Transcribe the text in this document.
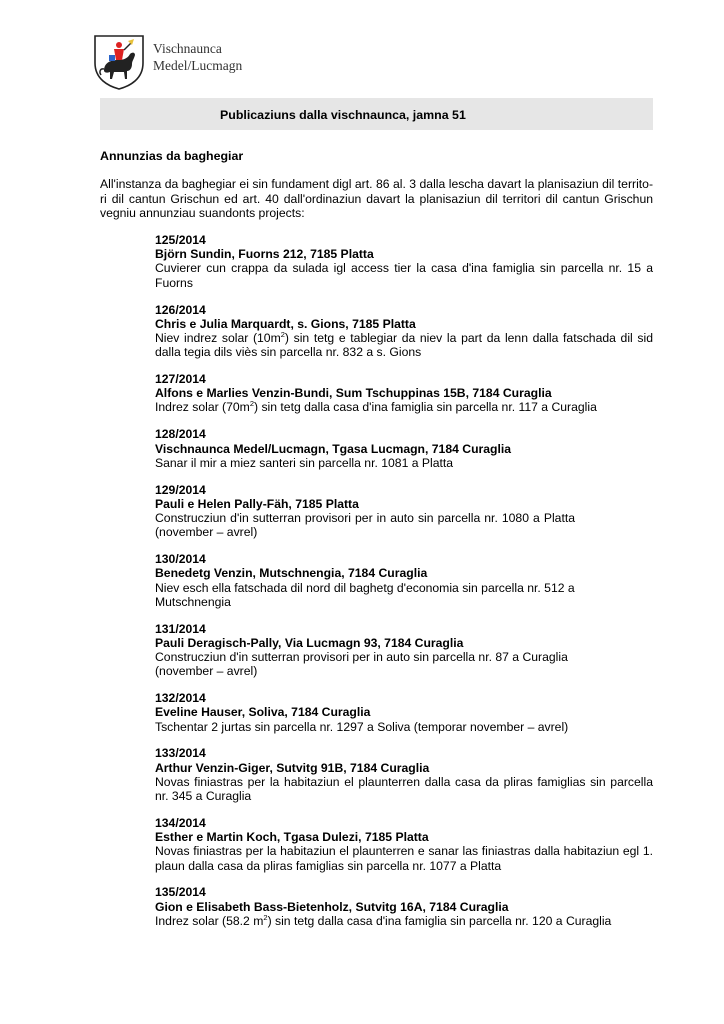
Vischnaunca
Medel/Lucmagn
Publicaziuns dalla vischnaunca, jamna 51
Annunzias da baghegiar
All'instanza da baghegiar ei sin fundament digl art. 86 al. 3 dalla lescha davart la planisaziun dil territo-ri dil cantun Grischun ed art. 40 dall'ordinaziun davart la planisaziun dil territori dil cantun Grischun vegniu annunziau suandonts projects:
125/2014
Björn Sundin, Fuorns 212, 7185 Platta
Cuvierer cun crappa da sulada igl access tier la casa d'ina famiglia sin parcella nr. 15 a Fuorns
126/2014
Chris e Julia Marquardt, s. Gions, 7185 Platta
Niev indrez solar $(10m^2)$ sin tetg e tablegiar da niev la part da lenn dalla fatschada dil sid dalla tegia dils viès sin parcella nr. 832 a s. Gions
127/2014
Alfons e Marlies Venzin-Bundi, Sum Tschuppinas 15B, 7184 Curaglia
Indrez solar $(70m^2)$ sin tetg dalla casa d'ina famiglia sin parcella nr. 117 a Curaglia
128/2014
Vischnaunca Medel/Lucmagn, Tgasa Lucmagn, 7184 Curaglia
Sanar il mir a miez santeri sin parcella nr. 1081 a Platta
129/2014
Pauli e Helen Pally-Fäh, 7185 Platta
Construcziun d'in sutterran provisori per in auto sin parcella nr. 1080 a Platta (november – avrel)
130/2014
Benedetg Venzin, Mutschnengia, 7184 Curaglia
Niev esch ella fatschada dil nord dil baghetg d'economia sin parcella nr. 512 a Mutschnengia
131/2014
Pauli Deragisch-Pally, Via Lucmagn 93, 7184 Curaglia
Construcziun d'in sutterran provisori per in auto sin parcella nr. 87 a Curaglia (november – avrel)
132/2014
Eveline Hauser, Soliva, 7184 Curaglia
Tschentar 2 jurtas sin parcella nr. 1297 a Soliva (temporar november – avrel)
133/2014
Arthur Venzin-Giger, Sutvitg 91B, 7184 Curaglia
Novas finiastras per la habitaziun el plaunterren dalla casa da pliras famiglias sin parcella nr. 345 a Curaglia
134/2014
Esther e Martin Koch, Tgasa Dulezi, 7185 Platta
Novas finiastras per la habitaziun el plaunterren e sanar las finiastras dalla habitaziun egl 1. plaun dalla casa da pliras famiglias sin parcella nr. 1077 a Platta
135/2014
Gion e Elisabeth Bass-Bietenholz, Sutvitg 16A, 7184 Curaglia
Indrez solar (58.2 $m^2$) sin tetg dalla casa d'ina famiglia sin parcella nr. 120 a Curaglia
